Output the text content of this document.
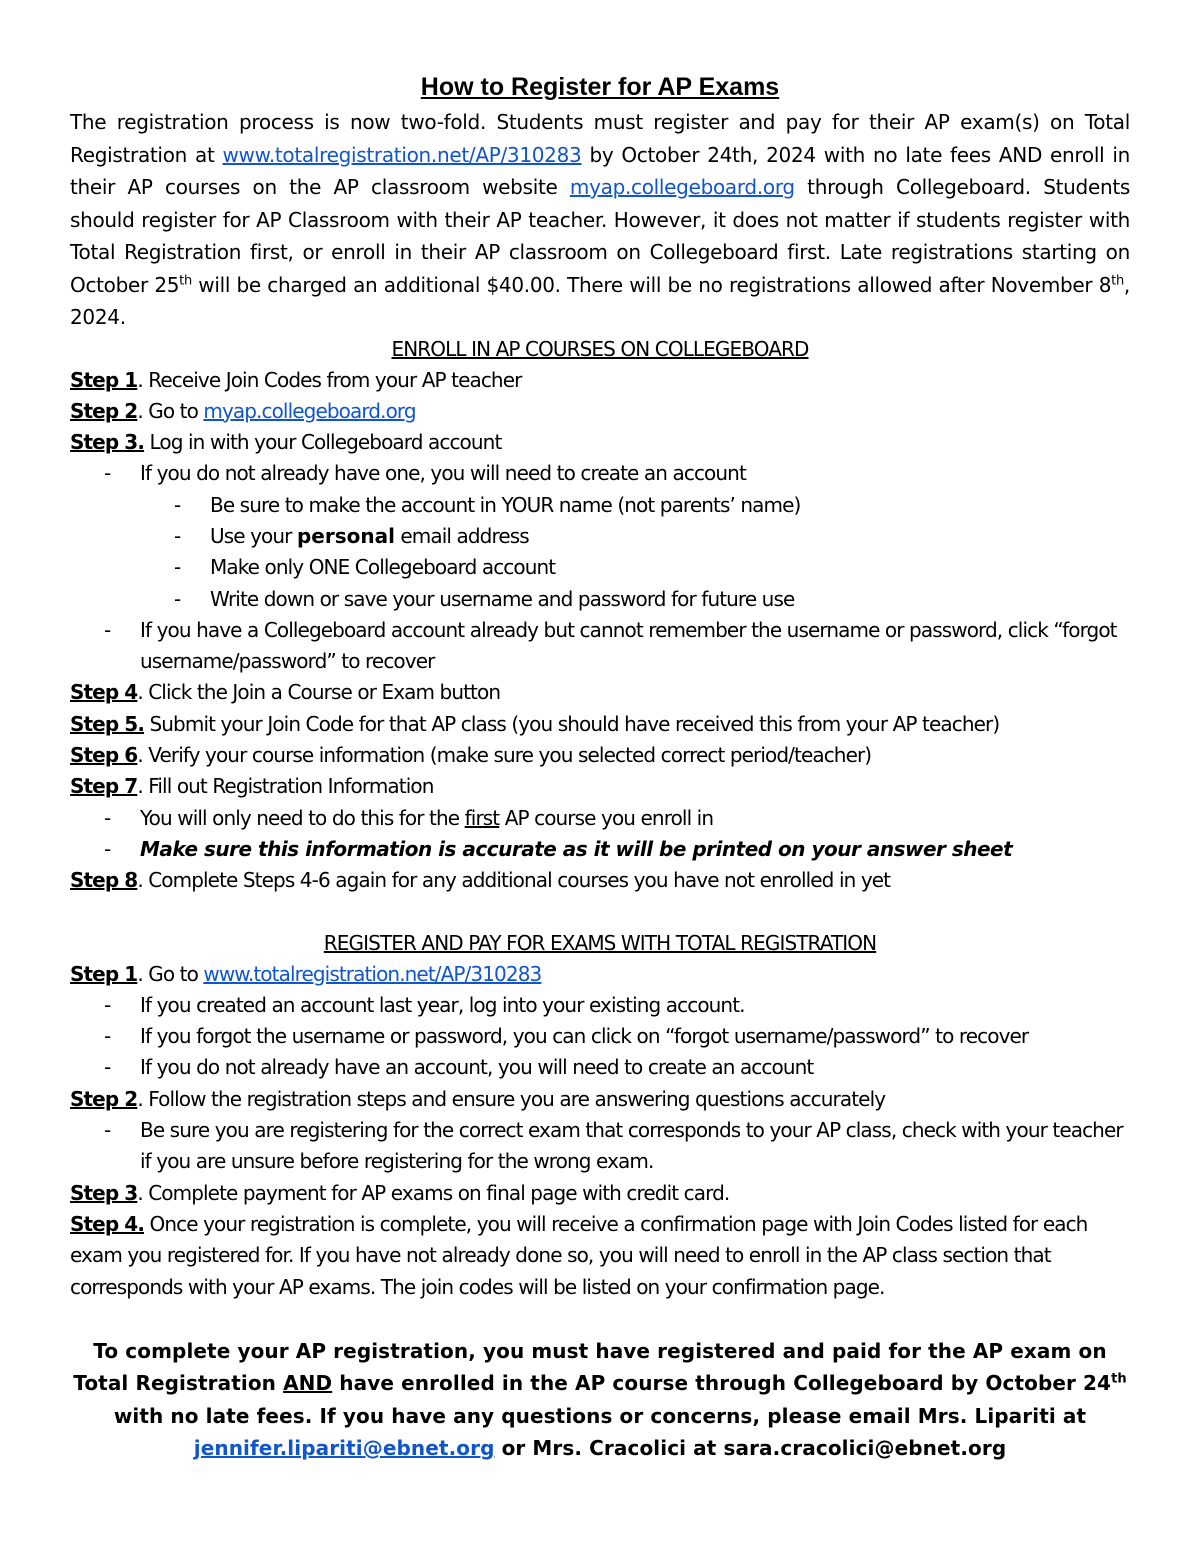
How to Register for AP Exams

The registration process is now two-fold. Students must register and pay for their AP exam(s) on Total Registration at www.totalregistration.net/AP/310283 by October 24th, 2024 with no late fees AND enroll in their AP courses on the AP classroom website myap.collegeboard.org through Collegeboard. Students should register for AP Classroom with their AP teacher. However, it does not matter if students register with Total Registration first, or enroll in their AP classroom on Collegeboard first. Late registrations starting on October 25th will be charged an additional $40.00. There will be no registrations allowed after November 8th, 2024.

ENROLL IN AP COURSES ON COLLEGEBOARD

Step 1. Receive Join Codes from your AP teacher

Step 2. Go to myap.collegeboard.org

Step 3. Log in with your Collegeboard account

- If you do not already have one, you will need to create an account

- Be sure to make the account in YOUR name (not parents’ name)

- Use your personal email address

- Make only ONE Collegeboard account

- Write down or save your username and password for future use

- If you have a Collegeboard account already but cannot remember the username or password, click “forgot username/password” to recover

Step 4. Click the Join a Course or Exam button

Step 5. Submit your Join Code for that AP class (you should have received this from your AP teacher)

Step 6. Verify your course information (make sure you selected correct period/teacher)

Step 7. Fill out Registration Information

- You will only need to do this for the first AP course you enroll in

- Make sure this information is accurate as it will be printed on your answer sheet

Step 8. Complete Steps 4-6 again for any additional courses you have not enrolled in yet

REGISTER AND PAY FOR EXAMS WITH TOTAL REGISTRATION

Step 1. Go to www.totalregistration.net/AP/310283

- If you created an account last year, log into your existing account.

- If you forgot the username or password, you can click on “forgot username/password” to recover

- If you do not already have an account, you will need to create an account

Step 2. Follow the registration steps and ensure you are answering questions accurately

- Be sure you are registering for the correct exam that corresponds to your AP class, check with your teacher if you are unsure before registering for the wrong exam.

Step 3. Complete payment for AP exams on final page with credit card.

Step 4. Once your registration is complete, you will receive a confirmation page with Join Codes listed for each exam you registered for. If you have not already done so, you will need to enroll in the AP class section that corresponds with your AP exams. The join codes will be listed on your confirmation page.

To complete your AP registration, you must have registered and paid for the AP exam on Total Registration AND have enrolled in the AP course through Collegeboard by October 24th with no late fees. If you have any questions or concerns, please email Mrs. Lipariti at jennifer.lipariti@ebnet.org or Mrs. Cracolici at sara.cracolici@ebnet.org
